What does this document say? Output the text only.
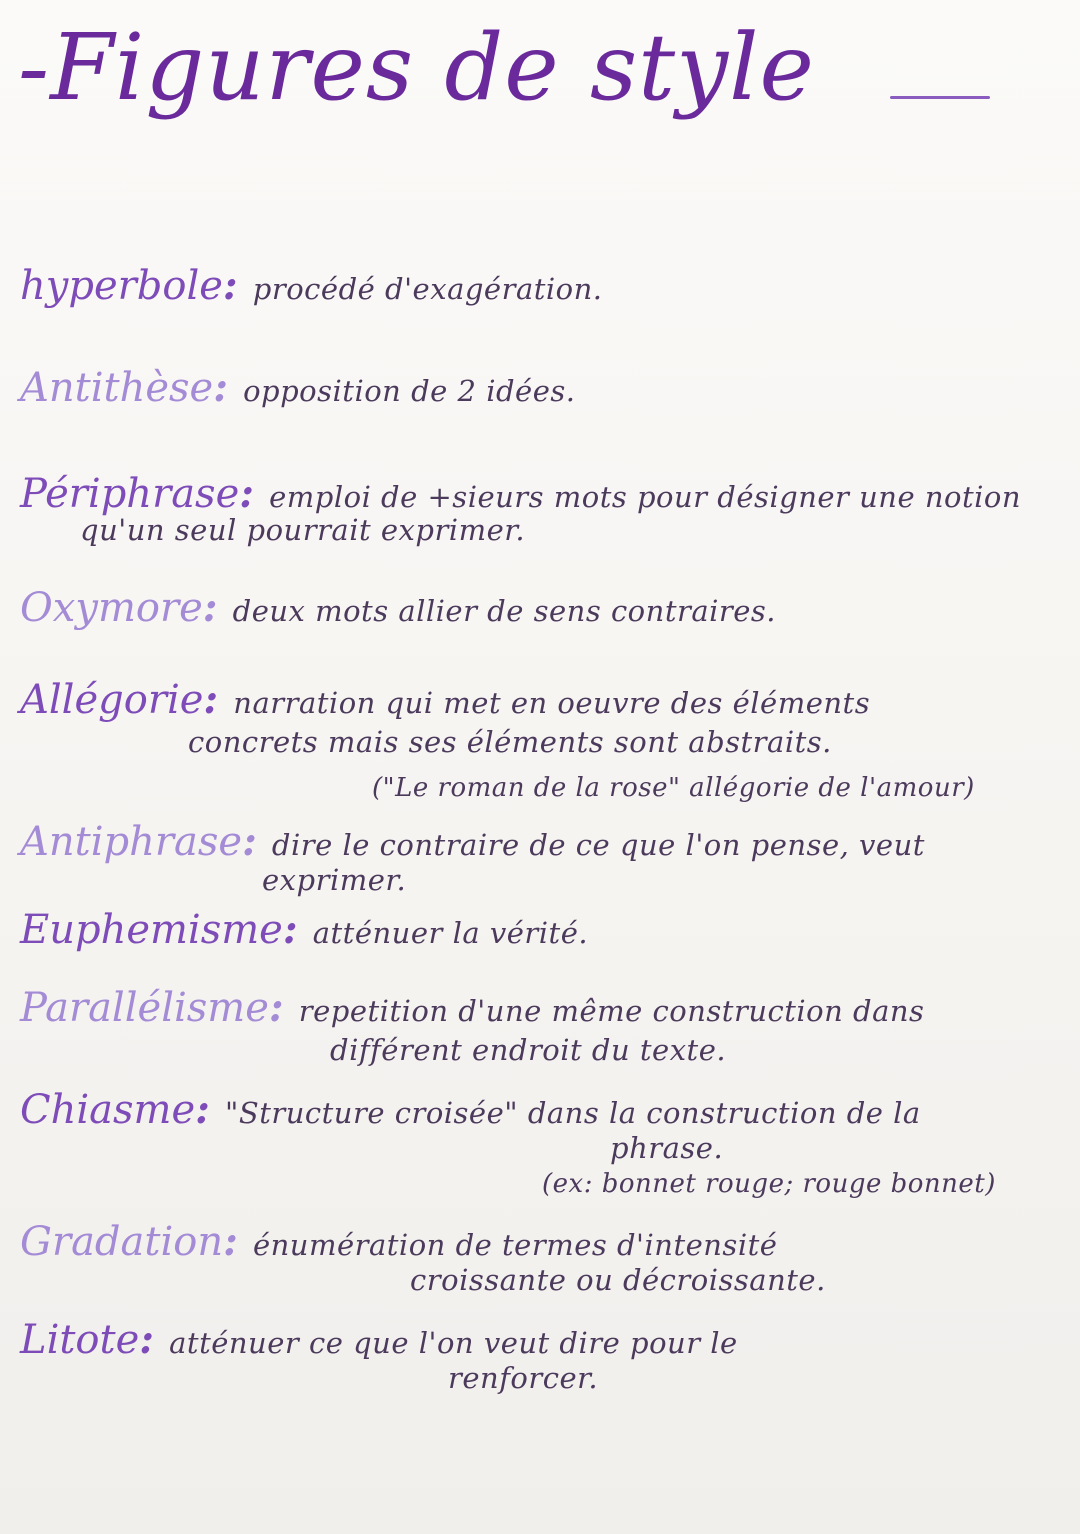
-Figures de style
hyperbole: procédé d'exagération.
Antithèse: opposition de 2 idées.
Périphrase: emploi de +sieurs mots pour désigner une notion
qu'un seul pourrait exprimer.
Oxymore: deux mots allier de sens contraires.
Allégorie: narration qui met en oeuvre des éléments
concrets mais ses éléments sont abstraits.
("Le roman de la rose" allégorie de l'amour)
Antiphrase: dire le contraire de ce que l'on pense, veut
exprimer.
Euphemisme: atténuer la vérité.
Parallélisme: repetition d'une même construction dans
différent endroit du texte.
Chiasme: "Structure croisée" dans la construction de la
phrase.
(ex: bonnet rouge; rouge bonnet)
Gradation: énumération de termes d'intensité
croissante ou décroissante.
Litote: atténuer ce que l'on veut dire pour le
renforcer.
